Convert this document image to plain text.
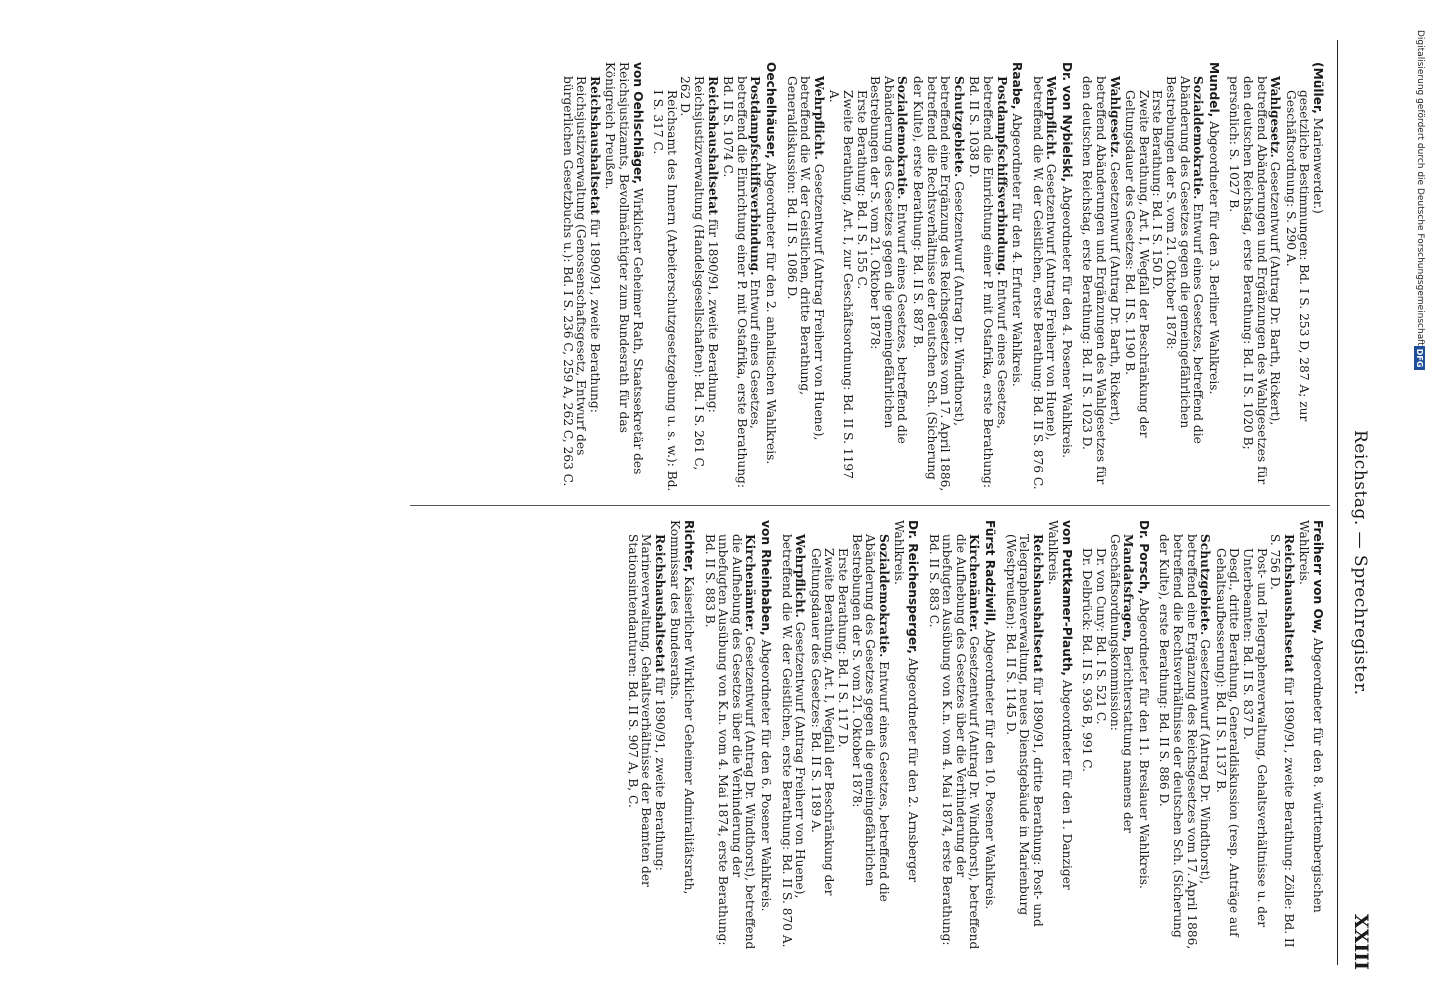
Reichstag. — Sprechregister.
XXIII
(Müller, Marienwerder.)
gesetzliche Bestimmungen: Bd. I S. 253 D, 287 A; zur Geschäftsordnung: S. 290 A.
Wahlgesetz. Gesetzentwurf (Antrag Dr. Barth, Rickert), betreffend Abänderungen und Ergänzungen des Wahlgesetzes für den deutschen Reichstag, erste Berathung: Bd. II S. 1020 B; persönlich: S. 1027 B.
Mundel, Abgeordneter für den 3. Berliner Wahlkreis.
Sozialdemokratie. Entwurf eines Gesetzes, betreffend die Abänderung des Gesetzes gegen die gemeingefährlichen Bestrebungen der S. vom 21. Oktober 1878:
Erste Berathung: Bd. I S. 150 D.
Zweite Berathung, Art. I, Wegfall der Beschränkung der Geltungsdauer des Gesetzes: Bd. II S. 1190 B.
Wahlgesetz. Gesetzentwurf (Antrag Dr. Barth, Rickert), betreffend Abänderungen und Ergänzungen des Wahlgesetzes für den deutschen Reichstag, erste Berathung: Bd. II S. 1023 D.
Dr. von Nybielski, Abgeordneter für den 4. Posener Wahlkreis.
Wehrpflicht. Gesetzentwurf (Antrag Freiherr von Huene), betreffend die W. der Geistlichen, erste Berathung: Bd. II S. 876 C.
Raabe, Abgeordneter für den 4. Erfurter Wahlkreis.
Postdampfschiffsverbindung. Entwurf eines Gesetzes, betreffend die Einrichtung einer P. mit Ostafrika, erste Berathung: Bd. II S. 1038 D.
Schutzgebiete. Gesetzentwurf (Antrag Dr. Windthorst), betreffend eine Ergänzung des Reichsgesetzes vom 17. April 1886, betreffend die Rechtsverhältnisse der deutschen Sch. (Sicherung der Kulte), erste Berathung: Bd. II S. 887 B.
Sozialdemokratie. Entwurf eines Gesetzes, betreffend die Abänderung des Gesetzes gegen die gemeingefährlichen Bestrebungen der S. vom 21. Oktober 1878:
Erste Berathung: Bd. I S. 155 C.
Zweite Berathung, Art. I, zur Geschäftsordnung: Bd. II S. 1197 A.
Wehrpflicht. Gesetzentwurf (Antrag Freiherr von Huene), betreffend die W. der Geistlichen, dritte Berathung, Generaldiskussion: Bd. II S. 1086 D.
Oechelhäuser, Abgeordneter für den 2. anhaltischen Wahlkreis.
Postdampfschiffsverbindung. Entwurf eines Gesetzes, betreffend die Einrichtung einer P. mit Ostafrika, erste Berathung: Bd. II S. 1074 C.
Reichshaushaltsetat für 1890/91, zweite Berathung: Reichsjustizverwaltung (Handelsgesellschaften): Bd. I S. 261 C, 262 D.
Reichsamt des Innern (Arbeiterschutzgesetzgebung u. s. w.): Bd. I S. 317 C.
von Oehlschläger, Wirklicher Geheimer Rath, Staatssekretär des Reichsjustizamts, Bevollmächtigter zum Bundesrath für das Königreich Preußen.
Reichshaushaltsetat für 1890/91, zweite Berathung: Reichsjustizverwaltung (Genossenschaftsgesetz, Entwurf des bürgerlichen Gesetzbuchs u.): Bd. I S. 236 C, 259 A, 262 C, 263 C.
Freiherr von Ow, Abgeordneter für den 8. württembergischen Wahlkreis.
Reichshaushaltsetat für 1890/91, zweite Berathung: Zölle: Bd. II S. 756 D.
Post- und Telegraphenverwaltung, Gehaltsverhältnisse u. der Unterbeamten: Bd. II S. 837 D.
Desgl., dritte Berathung, Generaldiskussion (resp. Anträge auf Gehaltsaufbesserung): Bd. II S. 1137 B.
Schutzgebiete. Gesetzentwurf (Antrag Dr. Windthorst), betreffend eine Ergänzung des Reichsgesetzes vom 17. April 1886, betreffend die Rechtsverhältnisse der deutschen Sch. (Sicherung der Kulte), erste Berathung: Bd. II S. 886 D.
Dr. Porsch, Abgeordneter für den 11. Breslauer Wahlkreis.
Mandatsfragen, Berichterstattung namens der Geschäftsordnungskommission:
Dr. von Cuny: Bd. I S. 521 C.
Dr. Delbrück: Bd. II S. 936 B, 991 C.
von Puttkamer-Plauth, Abgeordneter für den 1. Danziger Wahlkreis.
Reichshaushaltsetat für 1890/91, dritte Berathung: Post- und Telegraphenverwaltung, neues Dienstgebäude in Marienburg (Westpreußen): Bd. II S. 1145 D.
Fürst Radziwill, Abgeordneter für den 10. Posener Wahlkreis.
Kirchenämter. Gesetzentwurf (Antrag Dr. Windthorst), betreffend die Aufhebung des Gesetzes über die Verhinderung der unbefugten Ausübung von K.n. vom 4. Mai 1874, erste Berathung: Bd. II S. 883 C.
Dr. Reichensperger, Abgeordneter für den 2. Arnsberger Wahlkreis.
Sozialdemokratie. Entwurf eines Gesetzes, betreffend die Abänderung des Gesetzes gegen die gemeingefährlichen Bestrebungen der S. vom 21. Oktober 1878:
Erste Berathung: Bd. I S. 117 D.
Zweite Berathung, Art. I, Wegfall der Beschränkung der Geltungsdauer des Gesetzes: Bd. II S. 1189 A.
Wehrpflicht. Gesetzentwurf (Antrag Freiherr von Huene), betreffend die W. der Geistlichen, erste Berathung: Bd. II S. 870 A.
von Rheinbaben, Abgeordneter für den 6. Posener Wahlkreis.
Kirchenämter. Gesetzentwurf (Antrag Dr. Windthorst), betreffend die Aufhebung des Gesetzes über die Verhinderung der unbefugten Ausübung von K.n. vom 4. Mai 1874, erste Berathung: Bd. II S. 883 B.
Richter, Kaiserlicher Wirklicher Geheimer Admiralitätsrath, Kommissar des Bundesraths.
Reichshaushaltsetat für 1890/91, zweite Berathung: Marineverwaltung, Gehaltsverhältnisse der Beamten der Stationsintendanturen: Bd. II S. 907 A, B, C.
Digitalisierung gefördert durch die Deutsche Forschungsgemeinschaft
DFG
